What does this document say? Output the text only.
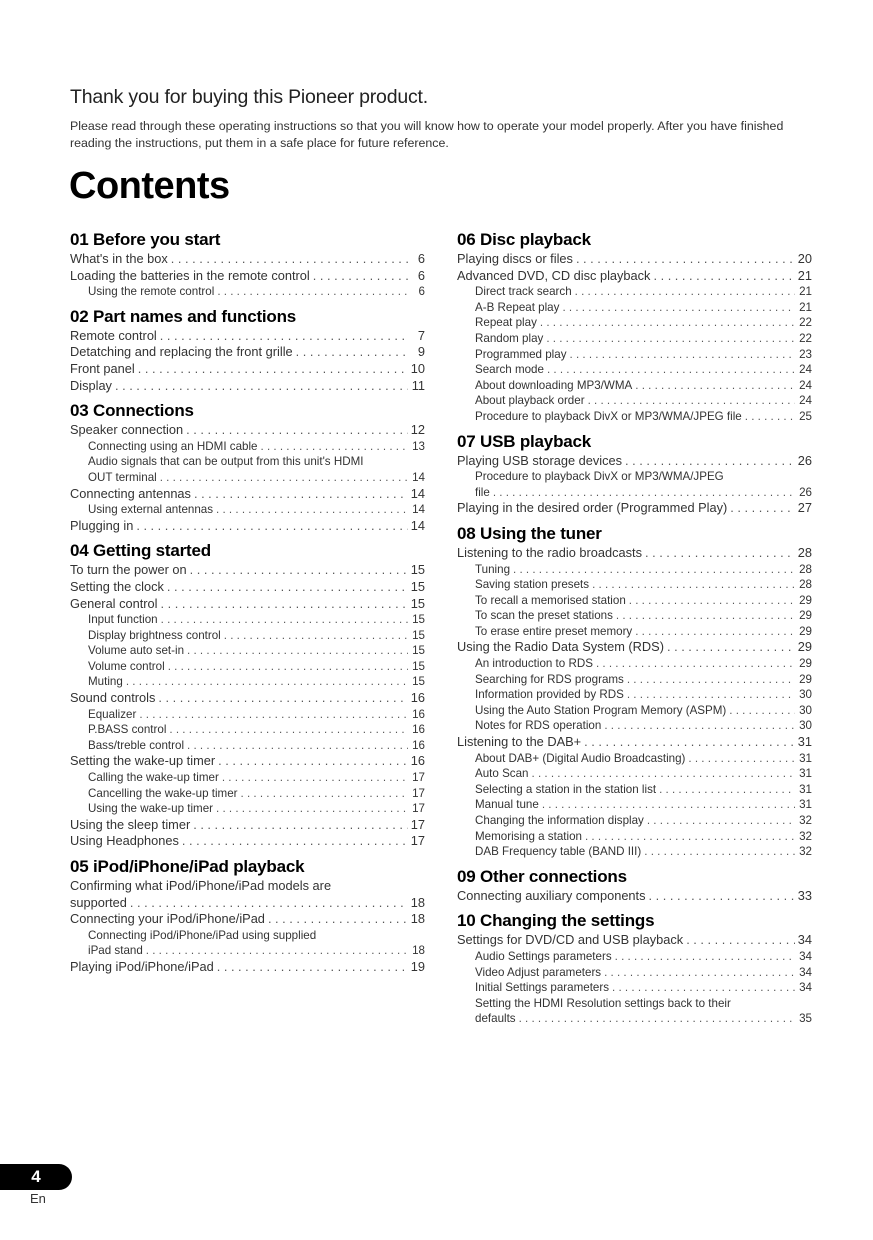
Thank you for buying this Pioneer product.
Please read through these operating instructions so that you will know how to operate your model properly. After you have finished reading the instructions, put them in a safe place for future reference.
Contents
01 Before you start
What's in the box . . .	6
Loading the batteries in the remote control . . .	6
Using the remote control . . .	6
02 Part names and functions
Remote control . . .	7
Detatching and replacing the front grille . . .	9
Front panel . . .	10
Display . . .	11
03 Connections
Speaker connection . . .	12
Connecting using an HDMI cable . . .	13
Audio signals that can be output from this unit's HDMI
OUT terminal . . .	14
Connecting antennas . . .	14
Using external antennas . . .	14
Plugging in . . .	14
04 Getting started
To turn the power on . . .	15
Setting the clock . . .	15
General control . . .	15
Input function . . .	15
Display brightness control . . .	15
Volume auto set-in . . .	15
Volume control . . .	15
Muting . . .	15
Sound controls . . .	16
Equalizer . . .	16
P.BASS control . . .	16
Bass/treble control . . .	16
Setting the wake-up timer . . .	16
Calling the wake-up timer . . .	17
Cancelling the wake-up timer . . .	17
Using the wake-up timer . . .	17
Using the sleep timer . . .	17
Using Headphones . . .	17
05 iPod/iPhone/iPad playback
Confirming what iPod/iPhone/iPad models are
supported . . .	18
Connecting your iPod/iPhone/iPad . . .	18
Connecting iPod/iPhone/iPad using supplied
iPad stand . . .	18
Playing iPod/iPhone/iPad . . .	19
06 Disc playback
Playing discs or files . . .	20
Advanced DVD, CD disc playback . . .	21
Direct track search . . .	21
A-B Repeat play . . .	21
Repeat play . . .	22
Random play . . .	22
Programmed play . . .	23
Search mode . . .	24
About downloading MP3/WMA . . .	24
About playback order . . .	24
Procedure to playback DivX or MP3/WMA/JPEG file . . .	25
07 USB playback
Playing USB storage devices . . .	26
Procedure to playback DivX or MP3/WMA/JPEG
file . . .	26
Playing in the desired order (Programmed Play) . . .	27
08 Using the tuner
Listening to the radio broadcasts . . .	28
Tuning . . .	28
Saving station presets . . .	28
To recall a memorised station . . .	29
To scan the preset stations . . .	29
To erase entire preset memory . . .	29
Using the Radio Data System (RDS) . . .	29
An introduction to RDS . . .	29
Searching for RDS programs . . .	29
Information provided by RDS . . .	30
Using the Auto Station Program Memory (ASPM) . . .	30
Notes for RDS operation . . .	30
Listening to the DAB+ . . .	31
About DAB+ (Digital Audio Broadcasting) . . .	31
Auto Scan . . .	31
Selecting a station in the station list . . .	31
Manual tune . . .	31
Changing the information display . . .	32
Memorising a station . . .	32
DAB Frequency table (BAND III) . . .	32
09 Other connections
Connecting auxiliary components . . .	33
10 Changing the settings
Settings for DVD/CD and USB playback . . .	34
Audio Settings parameters . . .	34
Video Adjust parameters . . .	34
Initial Settings parameters . . .	34
Setting the HDMI Resolution settings back to their
defaults . . .	35
4
En
